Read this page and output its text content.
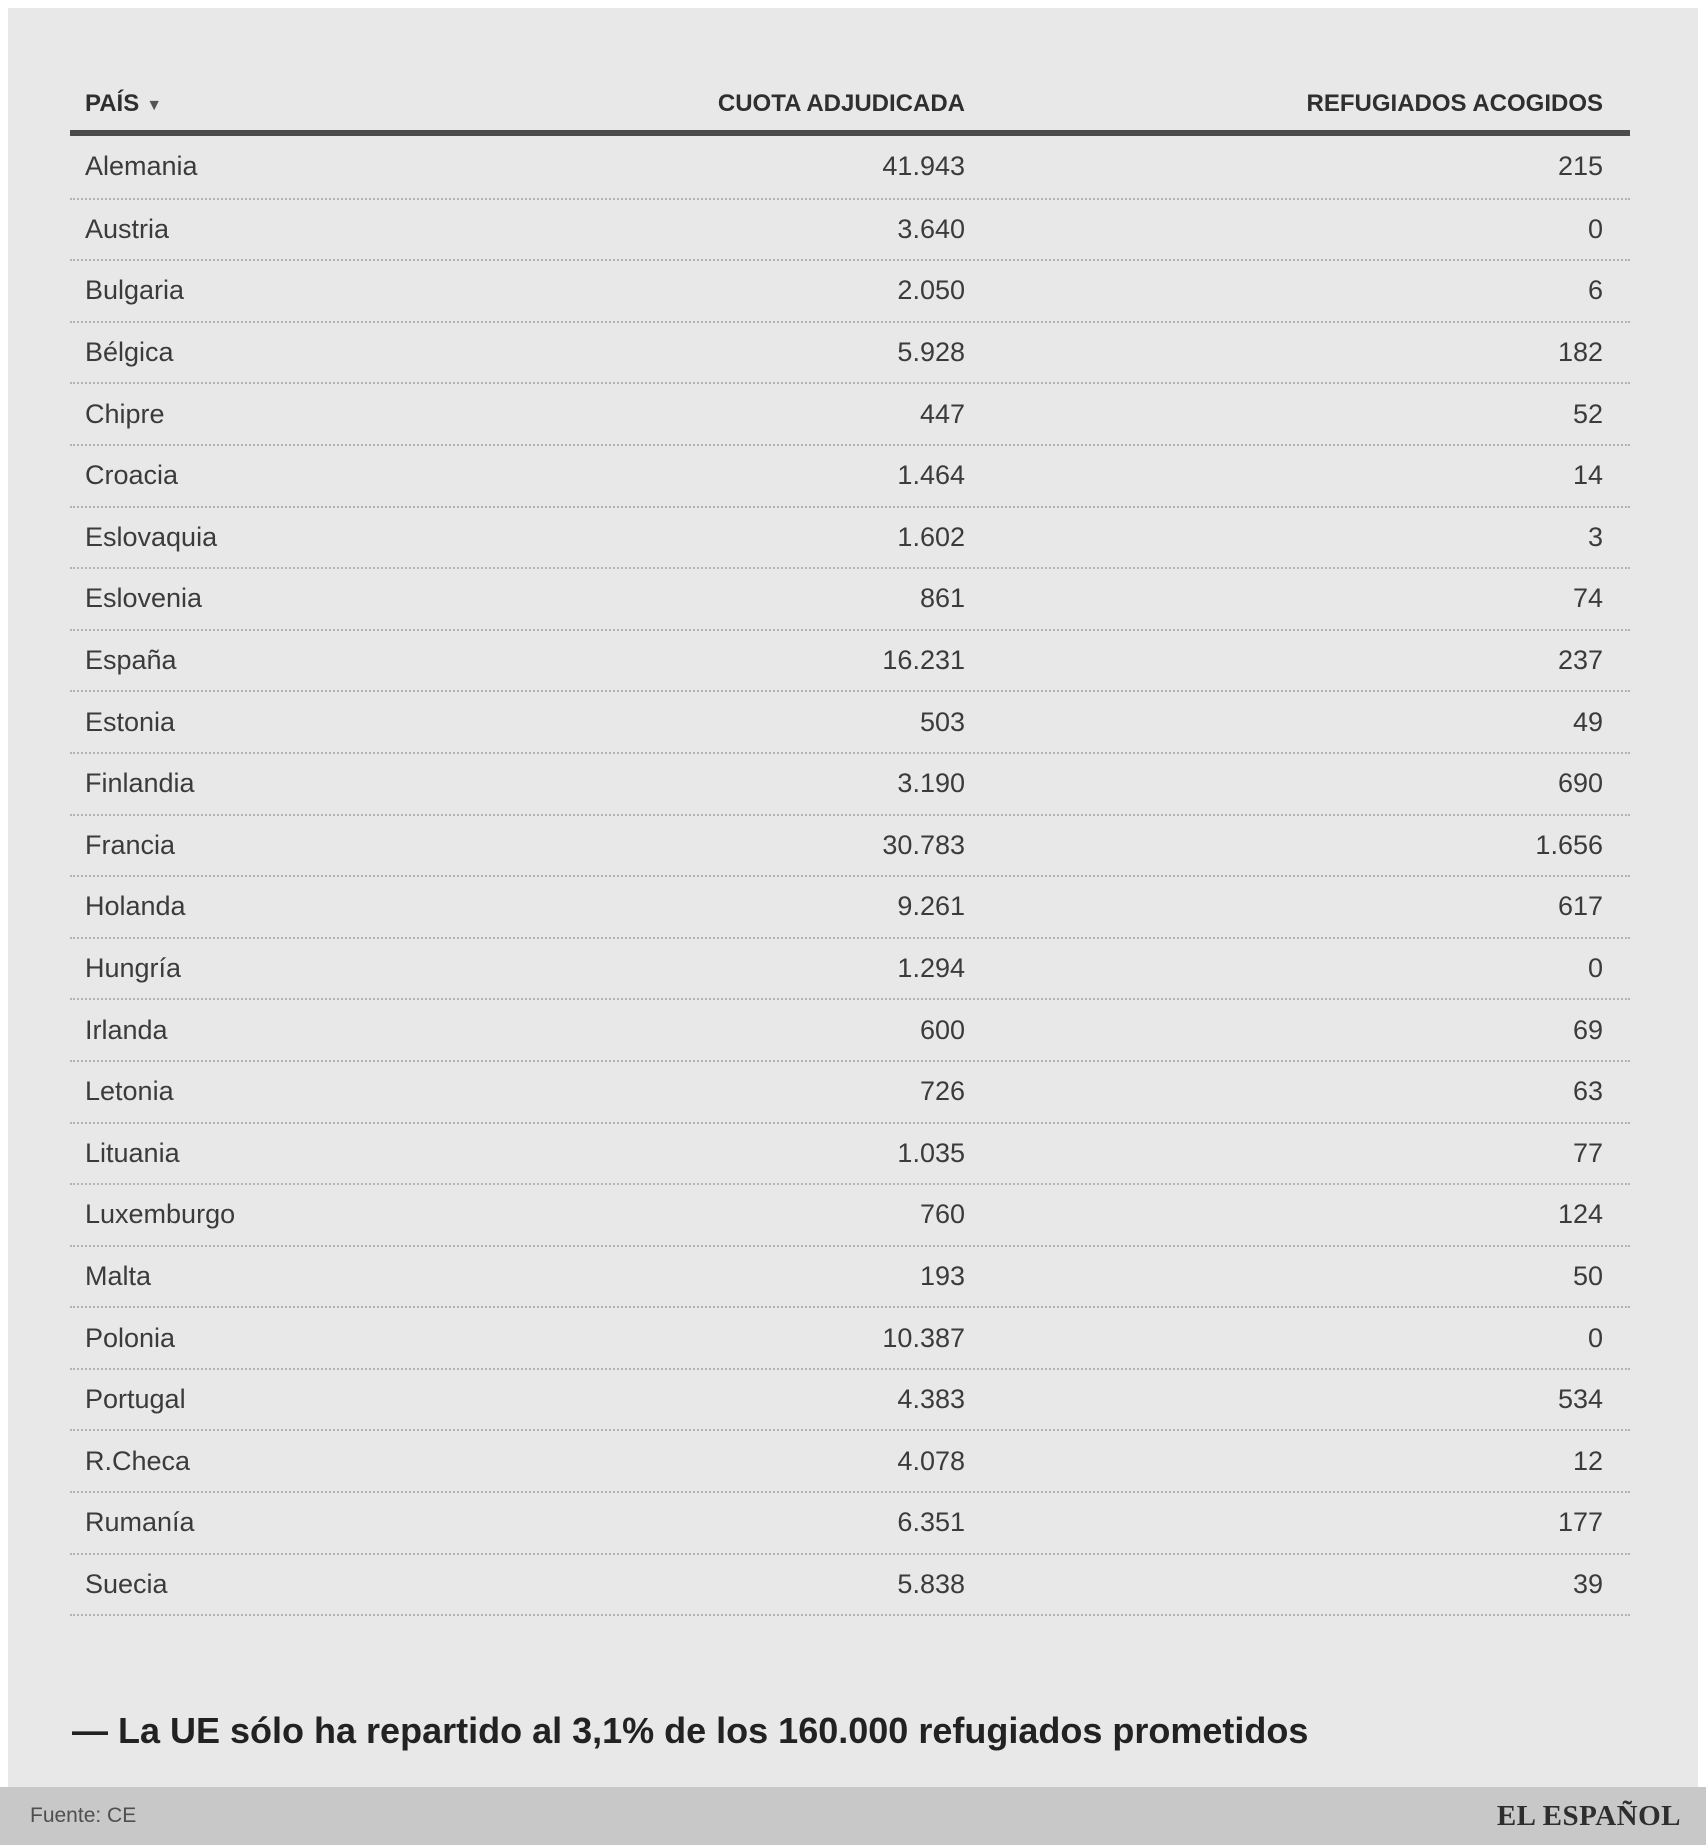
PAÍS ▼	CUOTA ADJUDICADA	REFUGIADOS ACOGIDOS
Alemania	41.943	215
Austria	3.640	0
Bulgaria	2.050	6
Bélgica	5.928	182
Chipre	447	52
Croacia	1.464	14
Eslovaquia	1.602	3
Eslovenia	861	74
España	16.231	237
Estonia	503	49
Finlandia	3.190	690
Francia	30.783	1.656
Holanda	9.261	617
Hungría	1.294	0
Irlanda	600	69
Letonia	726	63
Lituania	1.035	77
Luxemburgo	760	124
Malta	193	50
Polonia	10.387	0
Portugal	4.383	534
R.Checa	4.078	12
Rumanía	6.351	177
Suecia	5.838	39
— La UE sólo ha repartido al 3,1% de los 160.000 refugiados prometidos
Fuente: CE	EL ESPAÑOL
